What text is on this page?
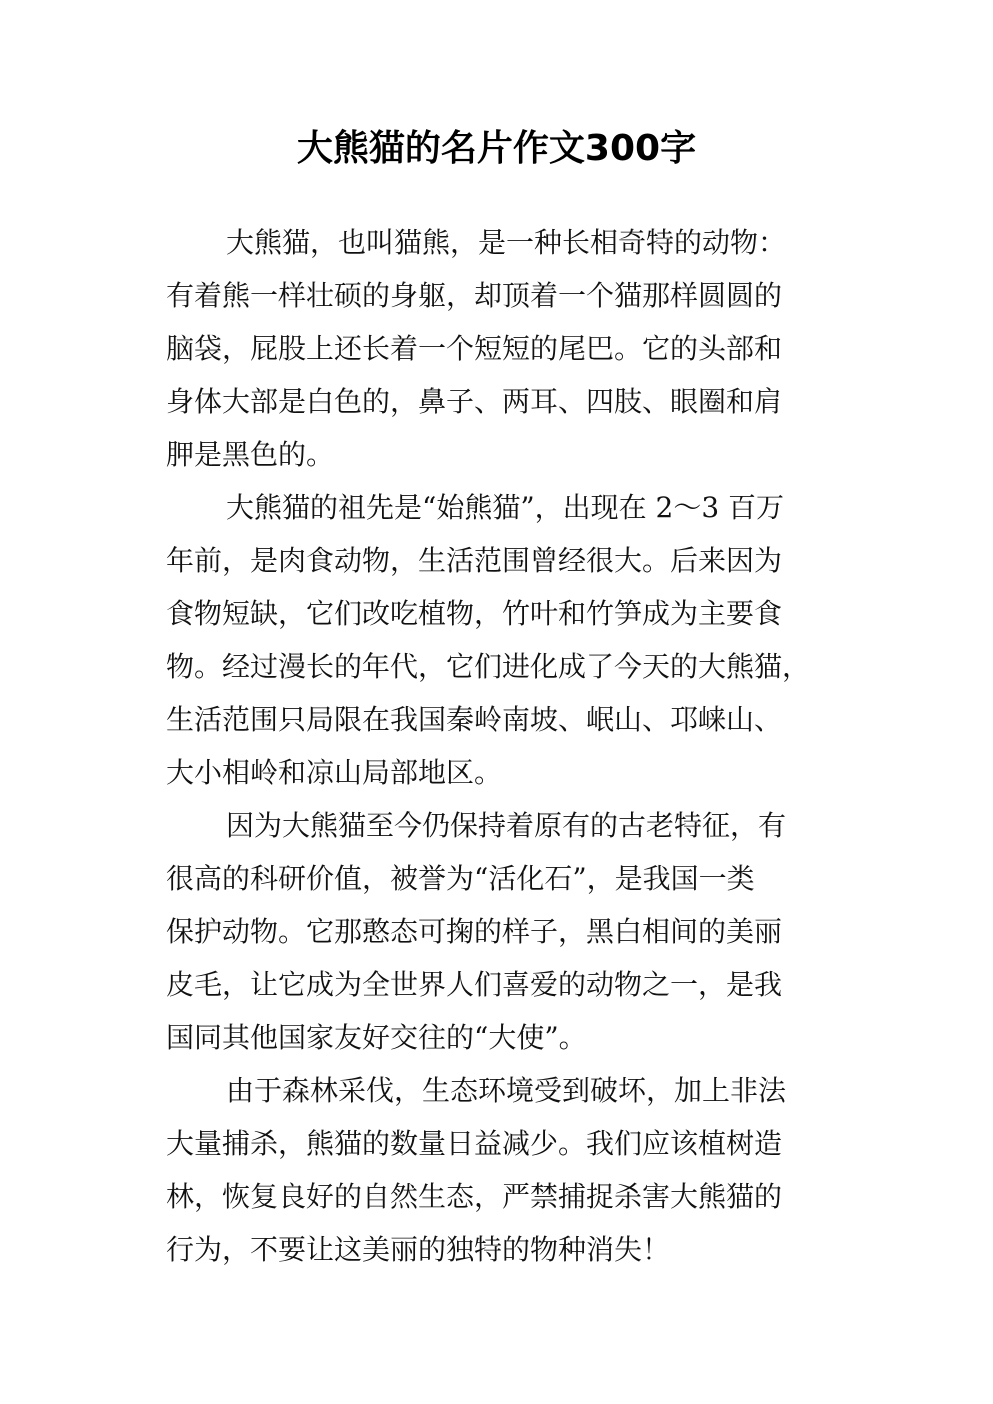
大熊猫的名片作文300字
大熊猫，也叫猫熊，是一种长相奇特的动物：
有着熊一样壮硕的身躯，却顶着一个猫那样圆圆的
脑袋，屁股上还长着一个短短的尾巴。它的头部和
身体大部是白色的，鼻子、两耳、四肢、眼圈和肩
胛是黑色的。
大熊猫的祖先是“始熊猫”，出现在 2～3 百万
年前，是肉食动物，生活范围曾经很大。后来因为
食物短缺，它们改吃植物，竹叶和竹笋成为主要食
物。经过漫长的年代，它们进化成了今天的大熊猫，
生活范围只局限在我国秦岭南坡、岷山、邛崃山、
大小相岭和凉山局部地区。
因为大熊猫至今仍保持着原有的古老特征，有
很高的科研价值，被誉为“活化石”，是我国一类
保护动物。它那憨态可掬的样子，黑白相间的美丽
皮毛，让它成为全世界人们喜爱的动物之一，是我
国同其他国家友好交往的“大使”。
由于森林采伐，生态环境受到破坏，加上非法
大量捕杀，熊猫的数量日益减少。我们应该植树造
林，恢复良好的自然生态，严禁捕捉杀害大熊猫的
行为，不要让这美丽的独特的物种消失！
